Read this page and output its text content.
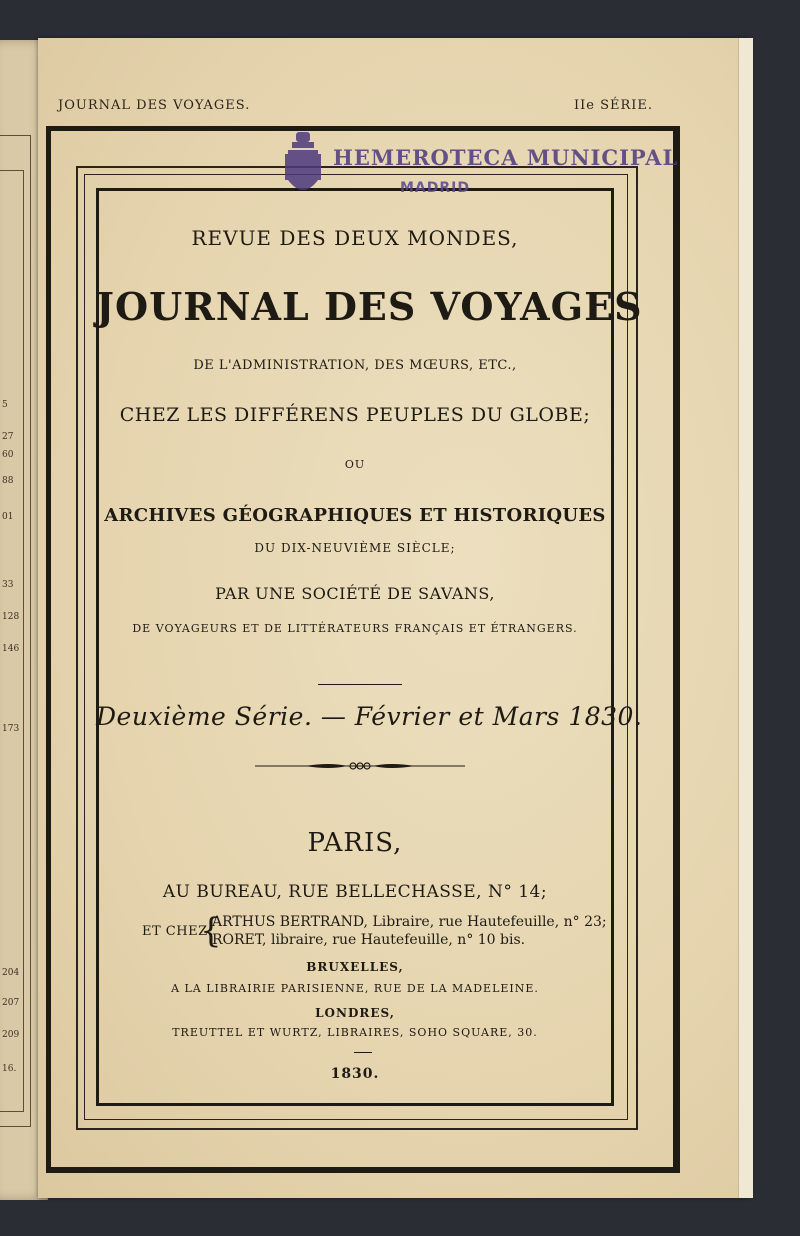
5
27
60
88
01
33
128
146
173
204
207
209
16.
JOURNAL DES VOYAGES.	IIe SÉRIE.
HEMEROTECA MUNICIPAL
MADRID
REVUE DES DEUX MONDES,
JOURNAL DES VOYAGES
DE L'ADMINISTRATION, DES MŒURS, ETC.,
CHEZ LES DIFFÉRENS PEUPLES DU GLOBE;
OU
ARCHIVES GÉOGRAPHIQUES ET HISTORIQUES
DU DIX-NEUVIÈME SIÈCLE;
PAR UNE SOCIÉTÉ DE SAVANS,
DE VOYAGEURS ET DE LITTÉRATEURS FRANÇAIS ET ÉTRANGERS.
Deuxième Série. — Février et Mars 1830.
PARIS,
AU BUREAU, RUE BELLECHASSE, N° 14;
ET CHEZ
{
ARTHUS BERTRAND, Libraire, rue Hautefeuille, n° 23;
RORET, libraire, rue Hautefeuille, n° 10 bis.
BRUXELLES,
A LA LIBRAIRIE PARISIENNE, RUE DE LA MADELEINE.
LONDRES,
TREUTTEL ET WURTZ, LIBRAIRES, SOHO SQUARE, 30.
1830.
